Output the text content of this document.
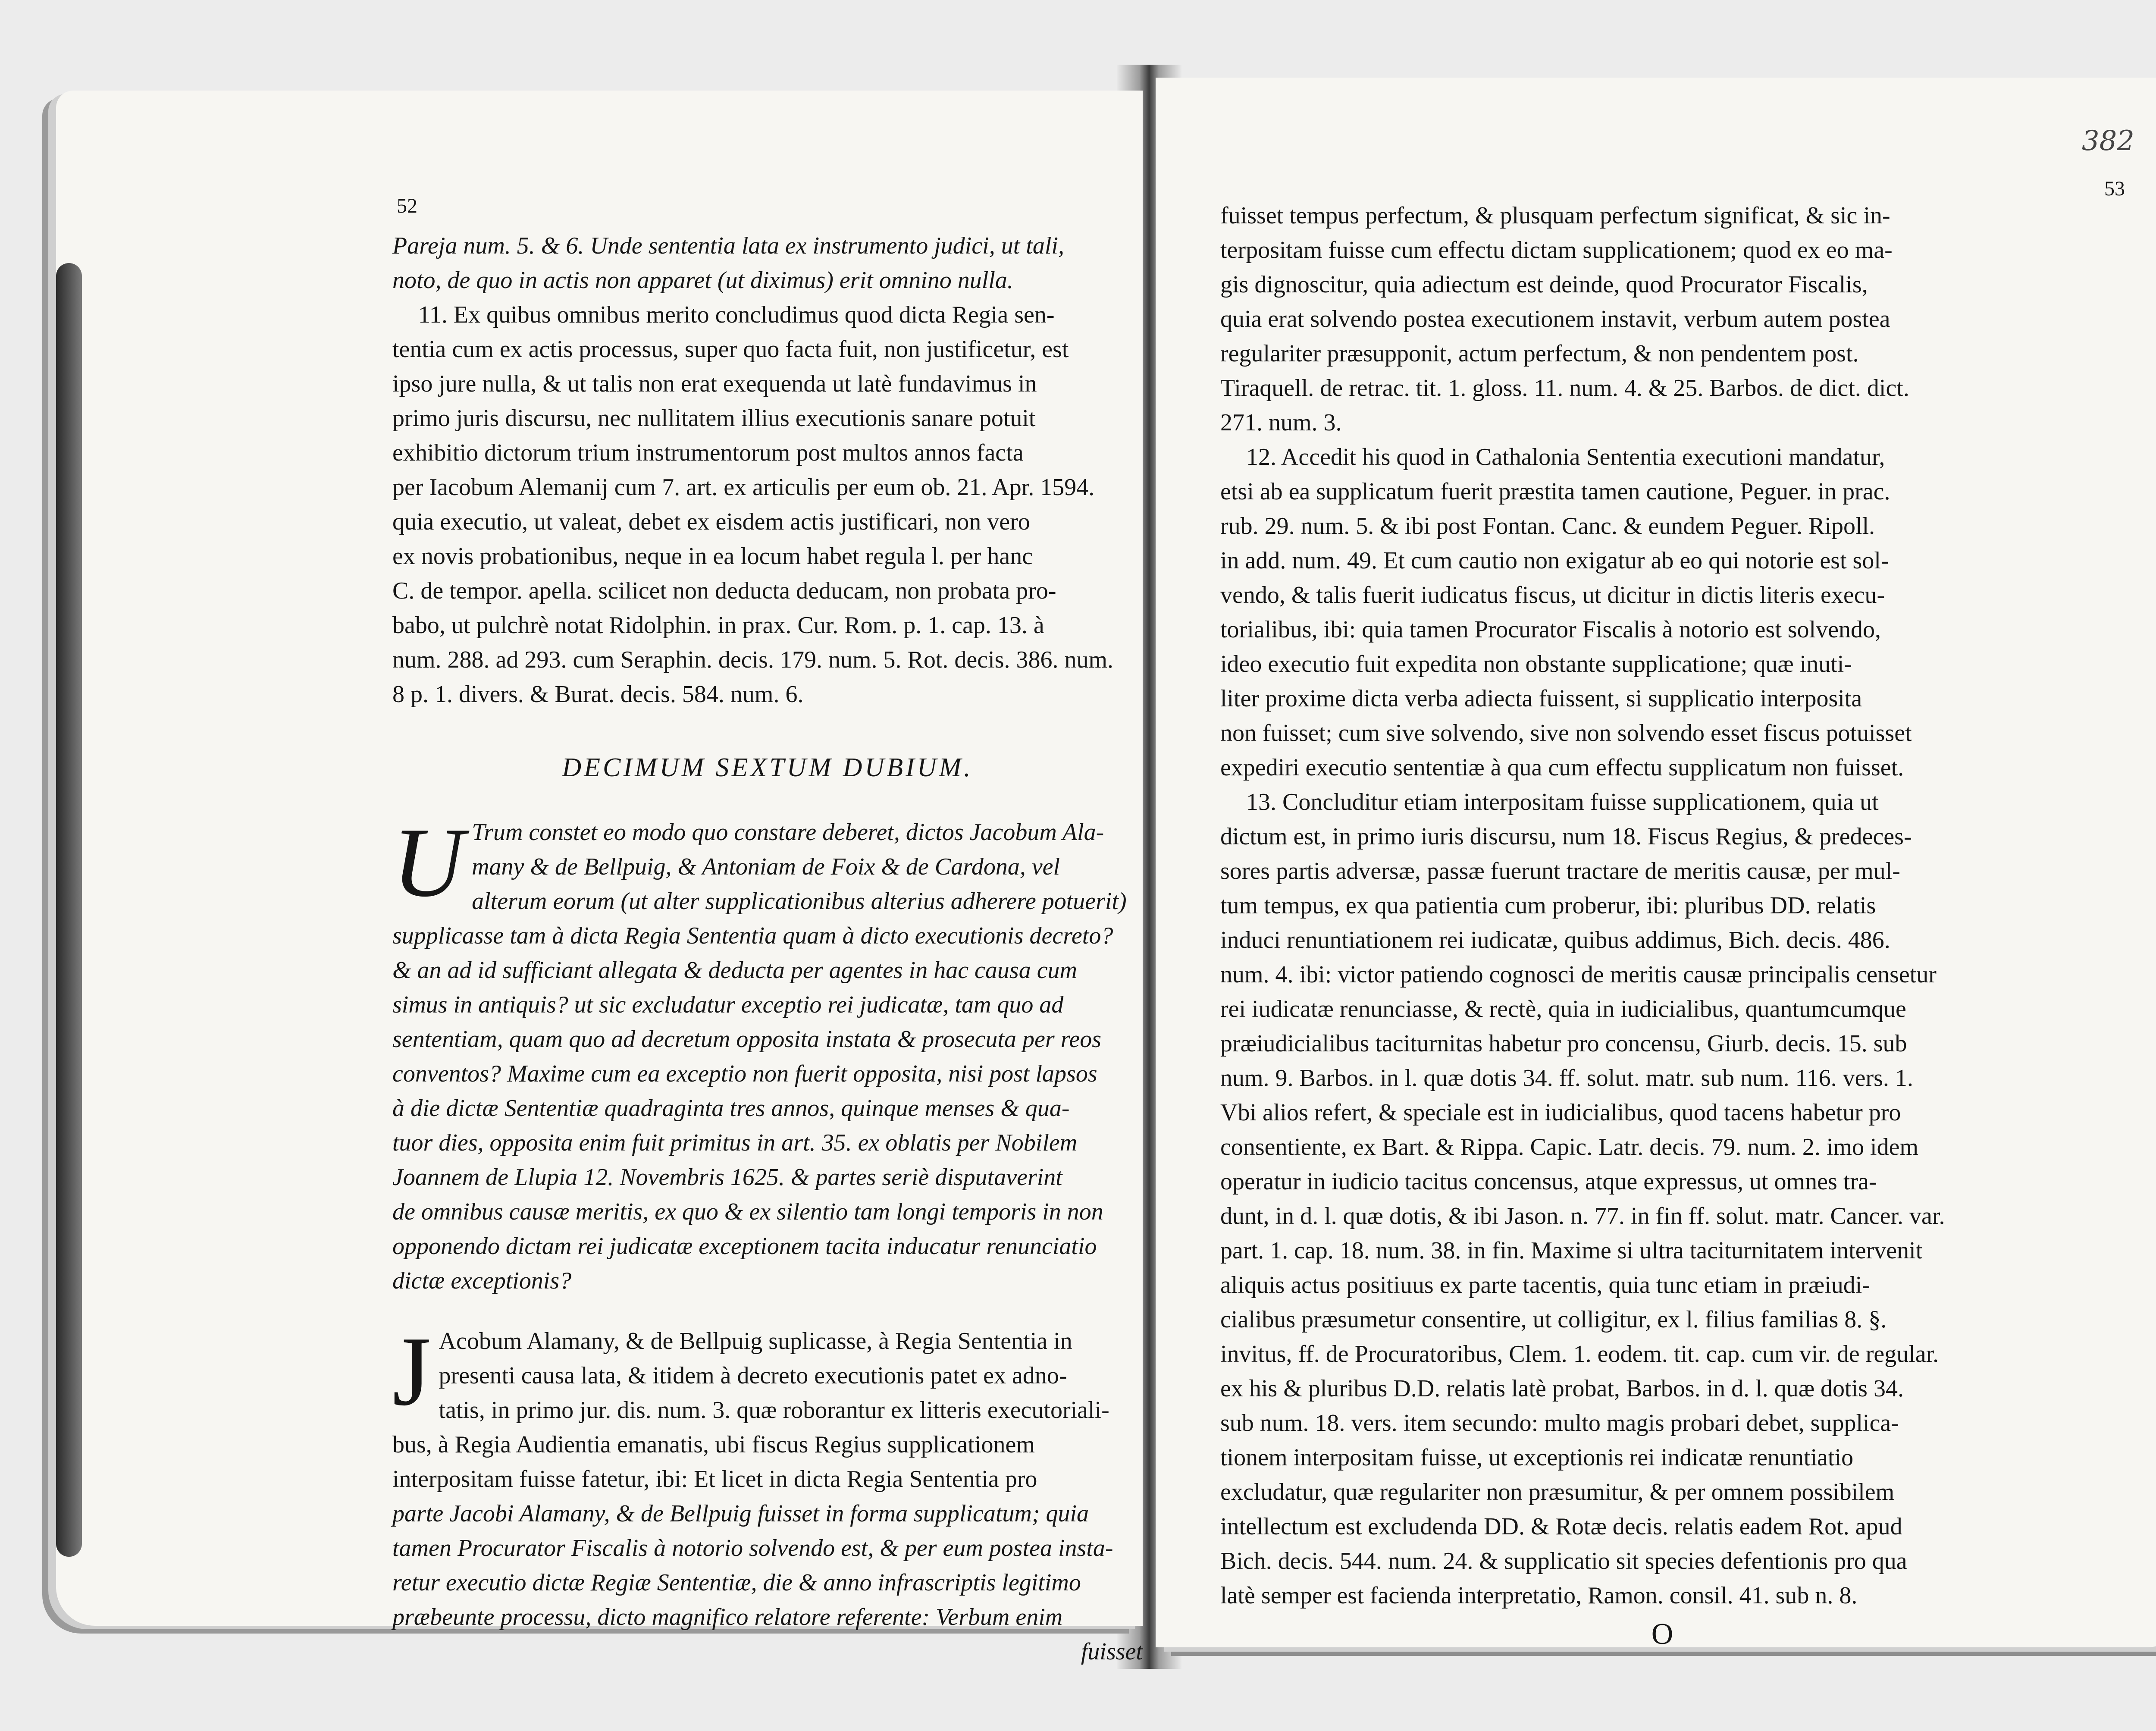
52

Pareja num. 5. & 6. Unde sententia lata ex instrumento judici, ut tali,

noto, de quo in actis non apparet (ut diximus) erit omnino nulla.

11. Ex quibus omnibus merito concludimus quod dicta Regia sen-

tentia cum ex actis processus, super quo facta fuit, non justificetur, est

ipso jure nulla, & ut talis non erat exequenda ut latè fundavimus in

primo juris discursu, nec nullitatem illius executionis sanare potuit

exhibitio dictorum trium instrumentorum post multos annos facta

per Iacobum Alemanij cum 7. art. ex articulis per eum ob. 21. Apr. 1594.

quia executio, ut valeat, debet ex eisdem actis justificari, non vero

ex novis probationibus, neque in ea locum habet regula l. per hanc

C. de tempor. apella. scilicet non deducta deducam, non probata pro-

babo, ut pulchrè notat Ridolphin. in prax. Cur. Rom. p. 1. cap. 13. à

num. 288. ad 293. cum Seraphin. decis. 179. num. 5. Rot. decis. 386. num.

8 p. 1. divers. & Burat. decis. 584. num. 6.

DECIMUM SEXTUM DUBIUM.

U Trum constet eo modo quo constare deberet, dictos Jacobum Ala-

many & de Bellpuig, & Antoniam de Foix & de Cardona, vel

alterum eorum (ut alter supplicationibus alterius adherere potuerit)

supplicasse tam à dicta Regia Sententia quam à dicto executionis decreto?

& an ad id sufficiant allegata & deducta per agentes in hac causa cum

simus in antiquis? ut sic excludatur exceptio rei judicatæ, tam quo ad

sententiam, quam quo ad decretum opposita instata & prosecuta per reos

conventos? Maxime cum ea exceptio non fuerit opposita, nisi post lapsos

à die dictæ Sententiæ quadraginta tres annos, quinque menses & qua-

tuor dies, opposita enim fuit primitus in art. 35. ex oblatis per Nobilem

Joannem de Llupia 12. Novembris 1625. & partes seriè disputaverint

de omnibus causæ meritis, ex quo & ex silentio tam longi temporis in non

opponendo dictam rei judicatæ exceptionem tacita inducatur renunciatio

dictæ exceptionis?

J Acobum Alamany, & de Bellpuig suplicasse, à Regia Sententia in

presenti causa lata, & itidem à decreto executionis patet ex adno-

tatis, in primo jur. dis. num. 3. quæ roborantur ex litteris executoriali-

bus, à Regia Audientia emanatis, ubi fiscus Regius supplicationem

interpositam fuisse fatetur, ibi: Et licet in dicta Regia Sententia pro

parte Jacobi Alamany, & de Bellpuig fuisset in forma supplicatum; quia

tamen Procurator Fiscalis à notorio solvendo est, & per eum postea insta-

retur executio dictæ Regiæ Sententiæ, die & anno infrascriptis legitimo

præbeunte processu, dicto magnifico relatore referente: Verbum enim

fuisset

382
53

fuisset tempus perfectum, & plusquam perfectum significat, & sic in-

terpositam fuisse cum effectu dictam supplicationem; quod ex eo ma-

gis dignoscitur, quia adiectum est deinde, quod Procurator Fiscalis,

quia erat solvendo postea executionem instavit, verbum autem postea

regulariter præsupponit, actum perfectum, & non pendentem post.

Tiraquell. de retrac. tit. 1. gloss. 11. num. 4. & 25. Barbos. de dict. dict.

271. num. 3.

12. Accedit his quod in Cathalonia Sententia executioni mandatur,

etsi ab ea supplicatum fuerit præstita tamen cautione, Peguer. in prac.

rub. 29. num. 5. & ibi post Fontan. Canc. & eundem Peguer. Ripoll.

in add. num. 49. Et cum cautio non exigatur ab eo qui notorie est sol-

vendo, & talis fuerit iudicatus fiscus, ut dicitur in dictis literis execu-

torialibus, ibi: quia tamen Procurator Fiscalis à notorio est solvendo,

ideo executio fuit expedita non obstante supplicatione; quæ inuti-

liter proxime dicta verba adiecta fuissent, si supplicatio interposita

non fuisset; cum sive solvendo, sive non solvendo esset fiscus potuisset

expediri executio sententiæ à qua cum effectu supplicatum non fuisset.

13. Concluditur etiam interpositam fuisse supplicationem, quia ut

dictum est, in primo iuris discursu, num 18. Fiscus Regius, & predeces-

sores partis adversæ, passæ fuerunt tractare de meritis causæ, per mul-

tum tempus, ex qua patientia cum proberur, ibi: pluribus DD. relatis

induci renuntiationem rei iudicatæ, quibus addimus, Bich. decis. 486.

num. 4. ibi: victor patiendo cognosci de meritis causæ principalis censetur

rei iudicatæ renunciasse, & rectè, quia in iudicialibus, quantumcumque

præiudicialibus taciturnitas habetur pro concensu, Giurb. decis. 15. sub

num. 9. Barbos. in l. quæ dotis 34. ff. solut. matr. sub num. 116. vers. 1.

Vbi alios refert, & speciale est in iudicialibus, quod tacens habetur pro

consentiente, ex Bart. & Rippa. Capic. Latr. decis. 79. num. 2. imo idem

operatur in iudicio tacitus concensus, atque expressus, ut omnes tra-

dunt, in d. l. quæ dotis, & ibi Jason. n. 77. in fin ff. solut. matr. Cancer. var.

part. 1. cap. 18. num. 38. in fin. Maxime si ultra taciturnitatem intervenit

aliquis actus positiuus ex parte tacentis, quia tunc etiam in præiudi-

cialibus præsumetur consentire, ut colligitur, ex l. filius familias 8. §.

invitus, ff. de Procuratoribus, Clem. 1. eodem. tit. cap. cum vir. de regular.

ex his & pluribus D.D. relatis latè probat, Barbos. in d. l. quæ dotis 34.

sub num. 18. vers. item secundo: multo magis probari debet, supplica-

tionem interpositam fuisse, ut exceptionis rei indicatæ renuntiatio

excludatur, quæ regulariter non præsumitur, & per omnem possibilem

intellectum est excludenda DD. & Rotæ decis. relatis eadem Rot. apud

Bich. decis. 544. num. 24. & supplicatio sit species defentionis pro qua

latè semper est facienda interpretatio, Ramon. consil. 41. sub n. 8.

O
